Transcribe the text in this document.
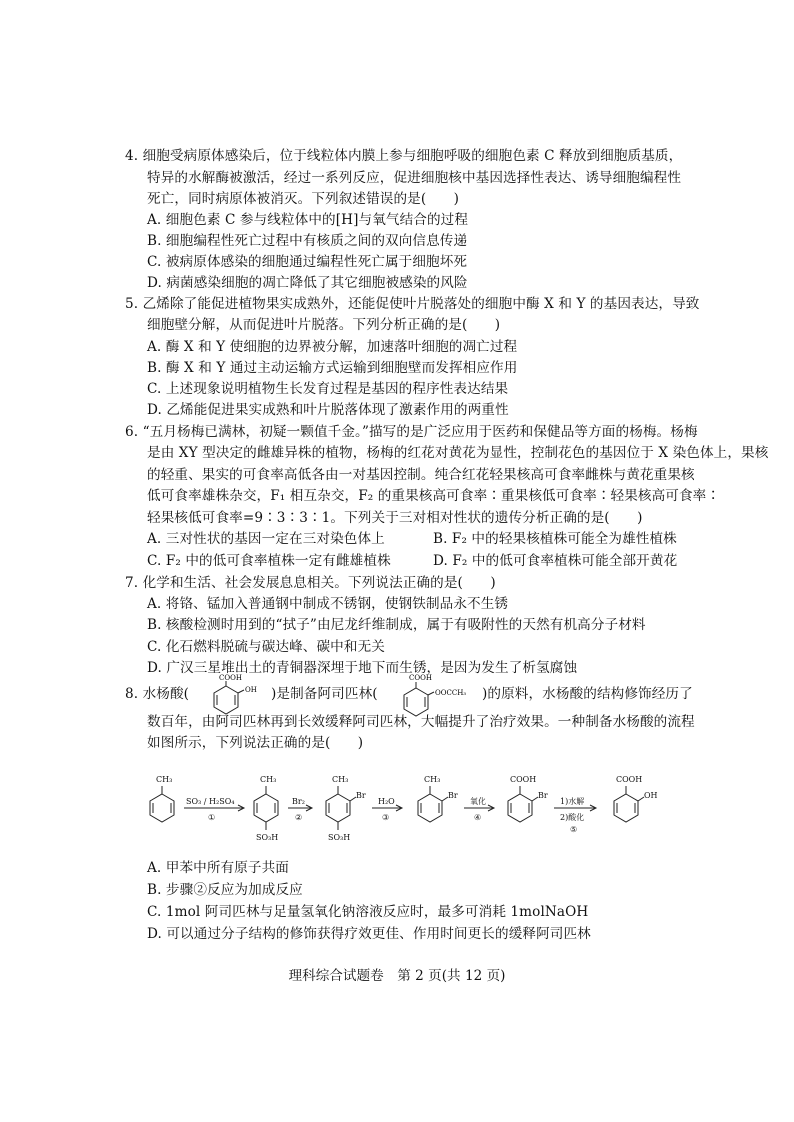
4. 细胞受病原体感染后，位于线粒体内膜上参与细胞呼吸的细胞色素 C 释放到细胞质基质，
特异的水解酶被激活，经过一系列反应，促进细胞核中基因选择性表达、诱导细胞编程性
死亡，同时病原体被消灭。下列叙述错误的是(　　)
A. 细胞色素 C 参与线粒体中的[H]与氧气结合的过程
B. 细胞编程性死亡过程中有核质之间的双向信息传递
C. 被病原体感染的细胞通过编程性死亡属于细胞坏死
D. 病菌感染细胞的凋亡降低了其它细胞被感染的风险
5. 乙烯除了能促进植物果实成熟外，还能促使叶片脱落处的细胞中酶 X 和 Y 的基因表达，导致
细胞壁分解，从而促进叶片脱落。下列分析正确的是(　　)
A. 酶 X 和 Y 使细胞的边界被分解，加速落叶细胞的凋亡过程
B. 酶 X 和 Y 通过主动运输方式运输到细胞壁而发挥相应作用
C. 上述现象说明植物生长发育过程是基因的程序性表达结果
D. 乙烯能促进果实成熟和叶片脱落体现了激素作用的两重性
6. “五月杨梅已满林，初疑一颗值千金。”描写的是广泛应用于医药和保健品等方面的杨梅。杨梅
是由 XY 型决定的雌雄异株的植物，杨梅的红花对黄花为显性，控制花色的基因位于 X 染色体上，果核
的轻重、果实的可食率高低各由一对基因控制。纯合红花轻果核高可食率雌株与黄花重果核
低可食率雄株杂交，F₁ 相互杂交，F₂ 的重果核高可食率∶重果核低可食率∶轻果核高可食率∶
轻果核低可食率=9∶3∶3∶1。下列关于三对相对性状的遗传分析正确的是(　　)
A. 三对性状的基因一定在三对染色体上	B. F₂ 中的轻果核植株可能全为雄性植株
C. F₂ 中的低可食率植株一定有雌雄植株	D. F₂ 中的低可食率植株可能全部开黄花
7. 化学和生活、社会发展息息相关。下列说法正确的是(　　)
A. 将铬、锰加入普通钢中制成不锈钢，使钢铁制品永不生锈
B. 核酸检测时用到的“拭子”由尼龙纤维制成，属于有吸附性的天然有机高分子材料
C. 化石燃料脱硫与碳达峰、碳中和无关
D. 广汉三星堆出土的青铜器深埋于地下而生锈，是因为发生了析氢腐蚀
8. 水杨酸(
COOH
OH )是制备阿司匹林(
COOH
OOCCH₃ )的原料，水杨酸的结构修饰经历了
数百年，由阿司匹林再到长效缓释阿司匹林，大幅提升了治疗效果。一种制备水杨酸的流程
如图所示，下列说法正确的是(　　)
CH₃
SO₃ / H₂SO₄
①
CH₃
SO₃H
Br₂
②
CH₃
Br
SO₃H
H₂O
③
CH₃
Br
氧化
④
COOH
Br
1)水解
2)酸化
⑤
COOH
OH
A. 甲苯中所有原子共面
B. 步骤②反应为加成反应
C. 1mol 阿司匹林与足量氢氧化钠溶液反应时，最多可消耗 1molNaOH
D. 可以通过分子结构的修饰获得疗效更佳、作用时间更长的缓释阿司匹林
理科综合试题卷　第 2 页(共 12 页)
